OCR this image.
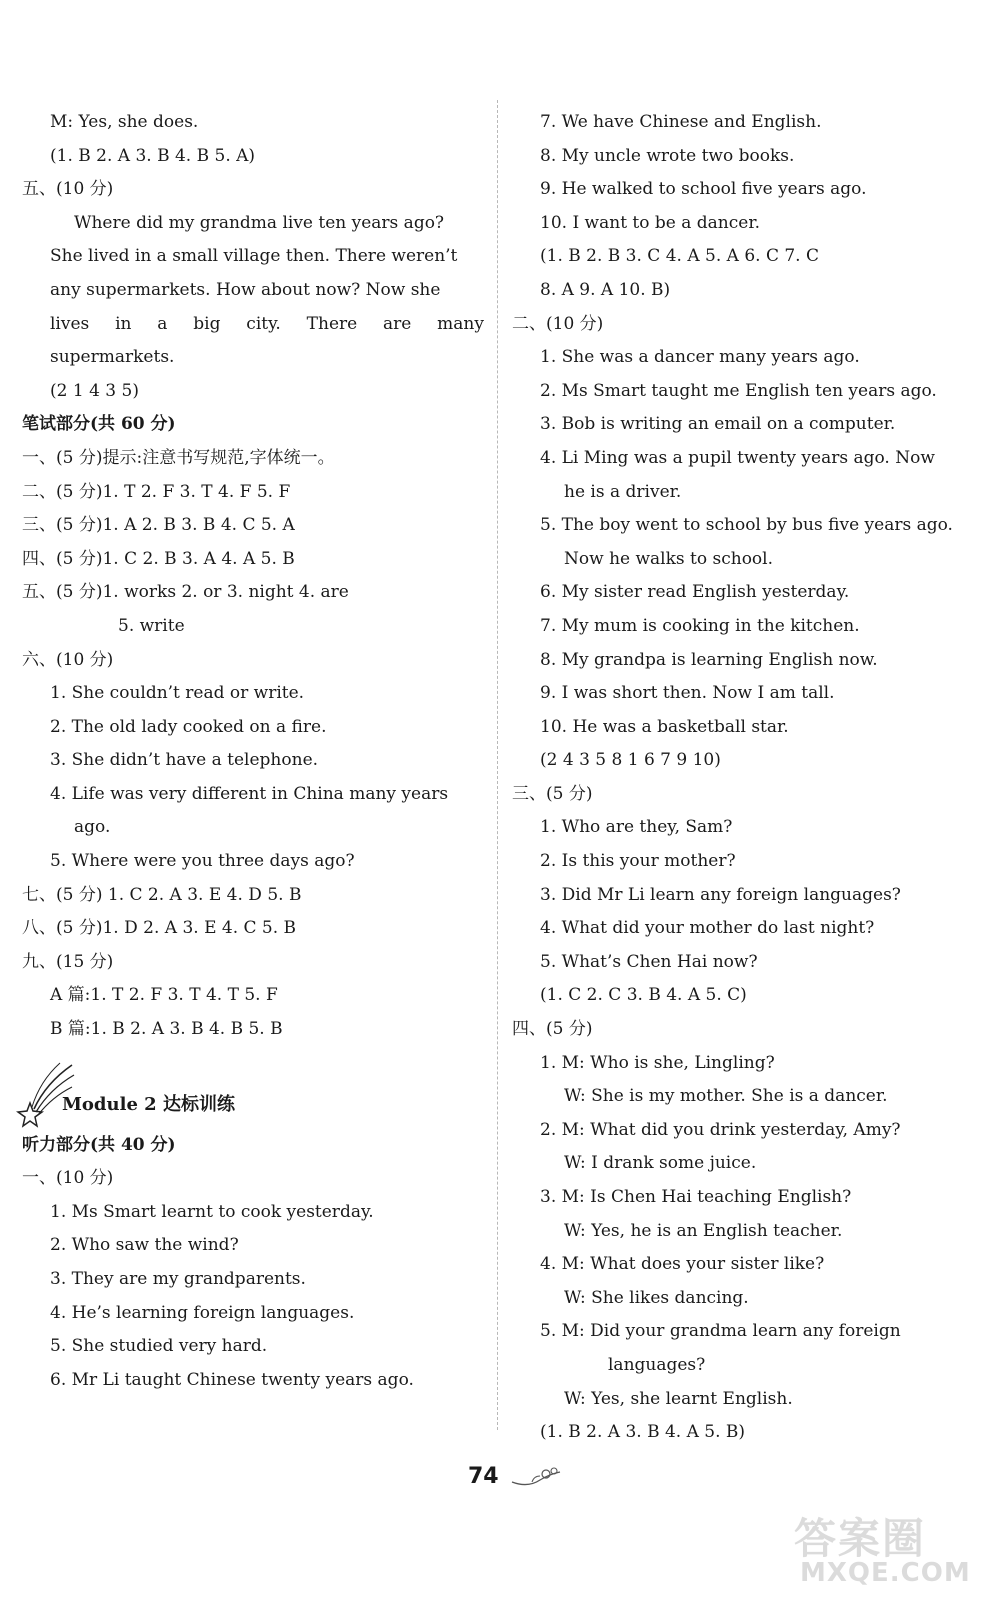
M: Yes, she does.
(1. B 2. A 3. B 4. B 5. A)
五、(10 分)
Where did my grandma live ten years ago?
She lived in a small village then. There weren’t
any supermarkets. How about now? Now she
lives in a big city. There are many
supermarkets.
(2 1 4 3 5)
笔试部分(共 60 分)
一、(5 分)提示:注意书写规范,字体统一。
二、(5 分)1. T 2. F 3. T 4. F 5. F
三、(5 分)1. A 2. B 3. B 4. C 5. A
四、(5 分)1. C 2. B 3. A 4. A 5. B
五、(5 分)1. works 2. or 3. night 4. are
5. write
六、(10 分)
1. She couldn’t read or write.
2. The old lady cooked on a fire.
3. She didn’t have a telephone.
4. Life was very different in China many years
ago.
5. Where were you three days ago?
七、(5 分) 1. C 2. A 3. E 4. D 5. B
八、(5 分)1. D 2. A 3. E 4. C 5. B
九、(15 分)
A 篇:1. T 2. F 3. T 4. T 5. F
B 篇:1. B 2. A 3. B 4. B 5. B
Module 2 达标训练
听力部分(共 40 分)
一、(10 分)
1. Ms Smart learnt to cook yesterday.
2. Who saw the wind?
3. They are my grandparents.
4. He’s learning foreign languages.
5. She studied very hard.
6. Mr Li taught Chinese twenty years ago.
7. We have Chinese and English.
8. My uncle wrote two books.
9. He walked to school five years ago.
10. I want to be a dancer.
(1. B 2. B 3. C 4. A 5. A 6. C 7. C
8. A 9. A 10. B)
二、(10 分)
1. She was a dancer many years ago.
2. Ms Smart taught me English ten years ago.
3. Bob is writing an email on a computer.
4. Li Ming was a pupil twenty years ago. Now
he is a driver.
5. The boy went to school by bus five years ago.
Now he walks to school.
6. My sister read English yesterday.
7. My mum is cooking in the kitchen.
8. My grandpa is learning English now.
9. I was short then. Now I am tall.
10. He was a basketball star.
(2 4 3 5 8 1 6 7 9 10)
三、(5 分)
1. Who are they, Sam?
2. Is this your mother?
3. Did Mr Li learn any foreign languages?
4. What did your mother do last night?
5. What’s Chen Hai now?
(1. C 2. C 3. B 4. A 5. C)
四、(5 分)
1. M: Who is she, Lingling?
W: She is my mother. She is a dancer.
2. M: What did you drink yesterday, Amy?
W: I drank some juice.
3. M: Is Chen Hai teaching English?
W: Yes, he is an English teacher.
4. M: What does your sister like?
W: She likes dancing.
5. M: Did your grandma learn any foreign
languages?
W: Yes, she learnt English.
(1. B 2. A 3. B 4. A 5. B)
74
答案圈
MXQE.COM
